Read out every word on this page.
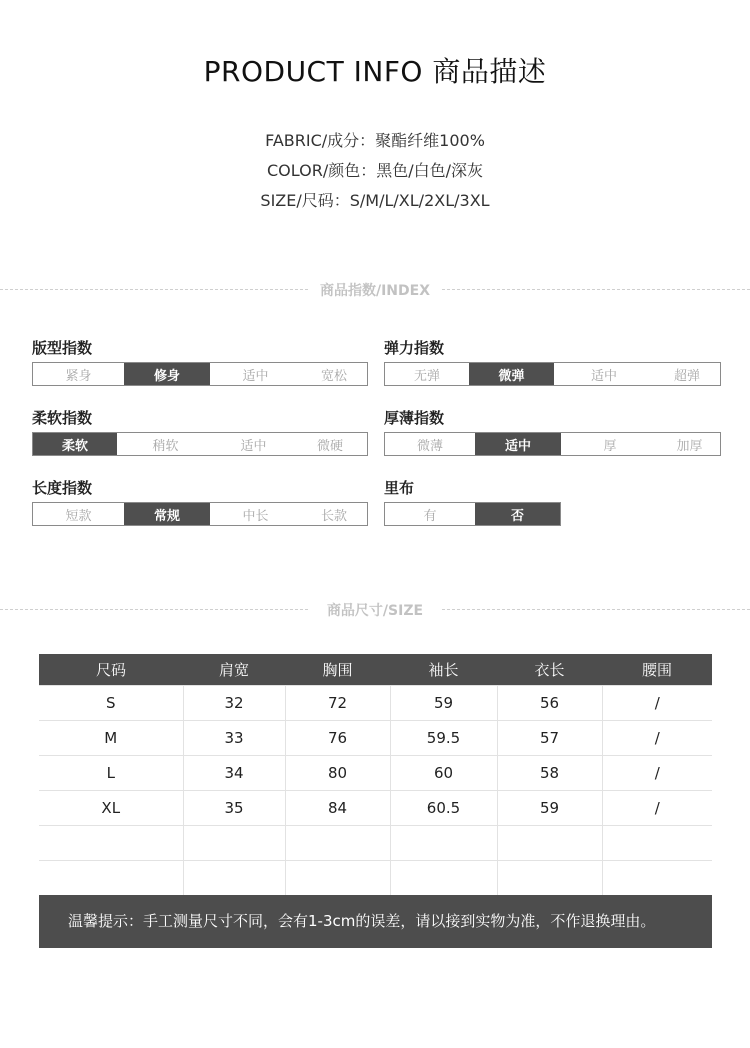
PRODUCT INFO 商品描述
FABRIC/成分：聚酯纤维100%
COLOR/颜色：黑色/白色/深灰
SIZE/尺码：S/M/L/XL/2XL/3XL
商品指数/INDEX
版型指数
紧身	修身	适中	宽松
弹力指数
无弹	微弹	适中	超弹
柔软指数
柔软	稍软	适中	微硬
厚薄指数
微薄	适中	厚	加厚
长度指数
短款	常规	中长	长款
里布
有	否
商品尺寸/SIZE
尺码	肩宽	胸围	袖长	衣长	腰围
S	32	72	59	56	/
M	33	76	59.5	57	/
L	34	80	60	58	/
XL	35	84	60.5	59	/

温馨提示：手工测量尺寸不同，会有1-3cm的误差，请以接到实物为准，不作退换理由。
